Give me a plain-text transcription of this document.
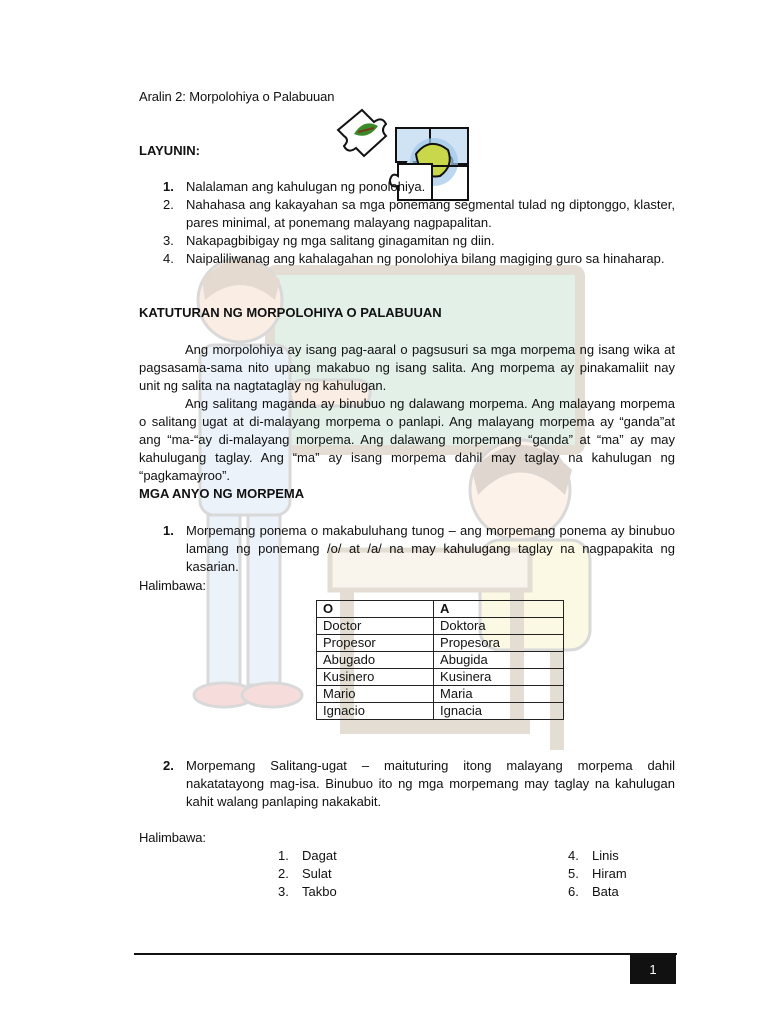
Aralin 2: Morpolohiya o Palabuuan
LAYUNIN:
1. Nalalaman ang kahulugan ng ponolohiya.
2. Nahahasa ang kakayahan sa mga ponemang segmental tulad ng diptonggo, klaster, pares minimal, at ponemang malayang nagpapalitan.
3. Nakapagbibigay ng mga salitang ginagamitan ng diin.
4. Naipaliliwanag ang kahalagahan ng ponolohiya bilang magiging guro sa hinaharap.
KATUTURAN NG MORPOLOHIYA O PALABUUAN
Ang morpolohiya ay isang pag-aaral o pagsusuri sa mga morpema ng isang wika at pagsasama-sama nito upang makabuo ng isang salita. Ang morpema ay pinakamaliit nay unit ng salita na nagtataglay ng kahulugan.
Ang salitang maganda ay binubuo ng dalawang morpema. Ang malayang morpema o salitang ugat at di-malayang morpema o panlapi. Ang malayang morpema ay “ganda”at ang “ma-“ay di-malayang morpema. Ang dalawang morpemang “ganda” at “ma” ay may kahulugang taglay. Ang “ma” ay isang morpema dahil may taglay na kahulugan ng “pagkamayroo”.
MGA ANYO NG MORPEMA
1. Morpemang ponema o makabuluhang tunog – ang morpemang ponema ay binubuo lamang ng ponemang /o/ at /a/ na may kahulugang taglay na nagpapakita ng kasarian.
Halimbawa:
O	A
Doctor	Doktora
Propesor	Propesora
Abugado	Abugida
Kusinero	Kusinera
Mario	Maria
Ignacio	Ignacia
2. Morpemang Salitang-ugat – maituturing itong malayang morpema dahil nakatatayong mag-isa. Binubuo ito ng mga morpemang may taglay na kahulugan kahit walang panlaping nakakabit.
Halimbawa:
1. Dagat
2. Sulat
3. Takbo
4. Linis
5. Hiram
6. Bata
1
